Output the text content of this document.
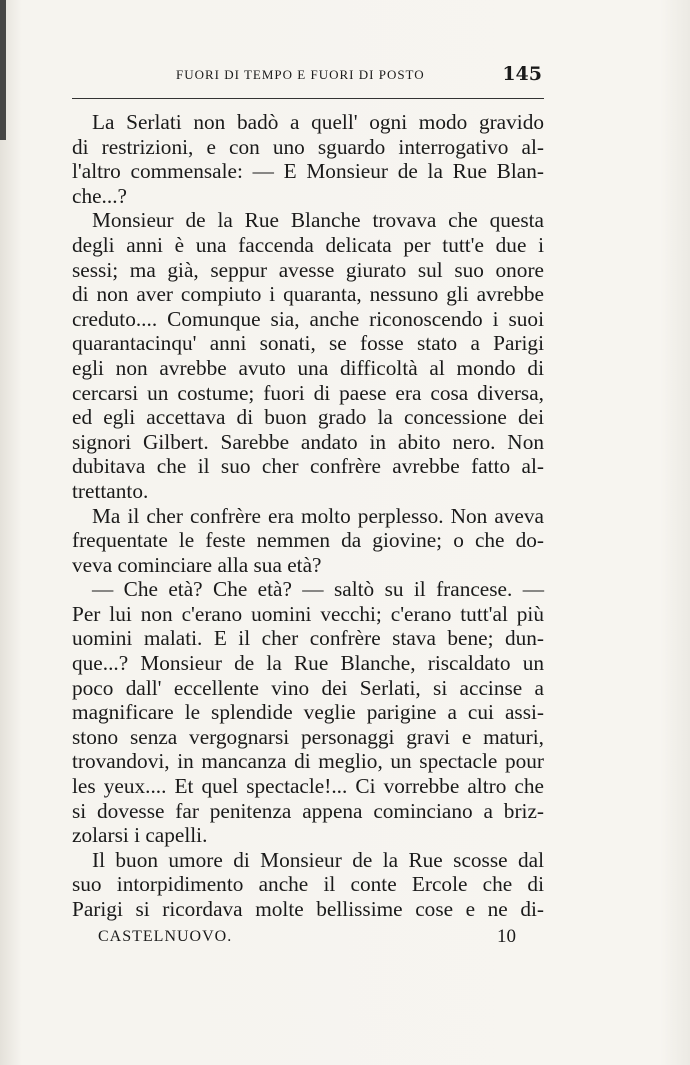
FUORI DI TEMPO E FUORI DI POSTO	145
La Serlati non badò a quell' ogni modo gravido
di restrizioni, e con uno sguardo interrogativo al-
l'altro commensale: — E Monsieur de la Rue Blan-
che...?
Monsieur de la Rue Blanche trovava che questa
degli anni è una faccenda delicata per tutt'e due i
sessi; ma già, seppur avesse giurato sul suo onore
di non aver compiuto i quaranta, nessuno gli avrebbe
creduto.... Comunque sia, anche riconoscendo i suoi
quarantacinqu' anni sonati, se fosse stato a Parigi
egli non avrebbe avuto una difficoltà al mondo di
cercarsi un costume; fuori di paese era cosa diversa,
ed egli accettava di buon grado la concessione dei
signori Gilbert. Sarebbe andato in abito nero. Non
dubitava che il suo cher confrère avrebbe fatto al-
trettanto.
Ma il cher confrère era molto perplesso. Non aveva
frequentate le feste nemmen da giovine; o che do-
veva cominciare alla sua età?
— Che età? Che età? — saltò su il francese. —
Per lui non c'erano uomini vecchi; c'erano tutt'al più
uomini malati. E il cher confrère stava bene; dun-
que...? Monsieur de la Rue Blanche, riscaldato un
poco dall' eccellente vino dei Serlati, si accinse a
magnificare le splendide veglie parigine a cui assi-
stono senza vergognarsi personaggi gravi e maturi,
trovandovi, in mancanza di meglio, un spectacle pour
les yeux.... Et quel spectacle!... Ci vorrebbe altro che
si dovesse far penitenza appena cominciano a briz-
zolarsi i capelli.
Il buon umore di Monsieur de la Rue scosse dal
suo intorpidimento anche il conte Ercole che di
Parigi si ricordava molte bellissime cose e ne di-
CASTELNUOVO.	10
